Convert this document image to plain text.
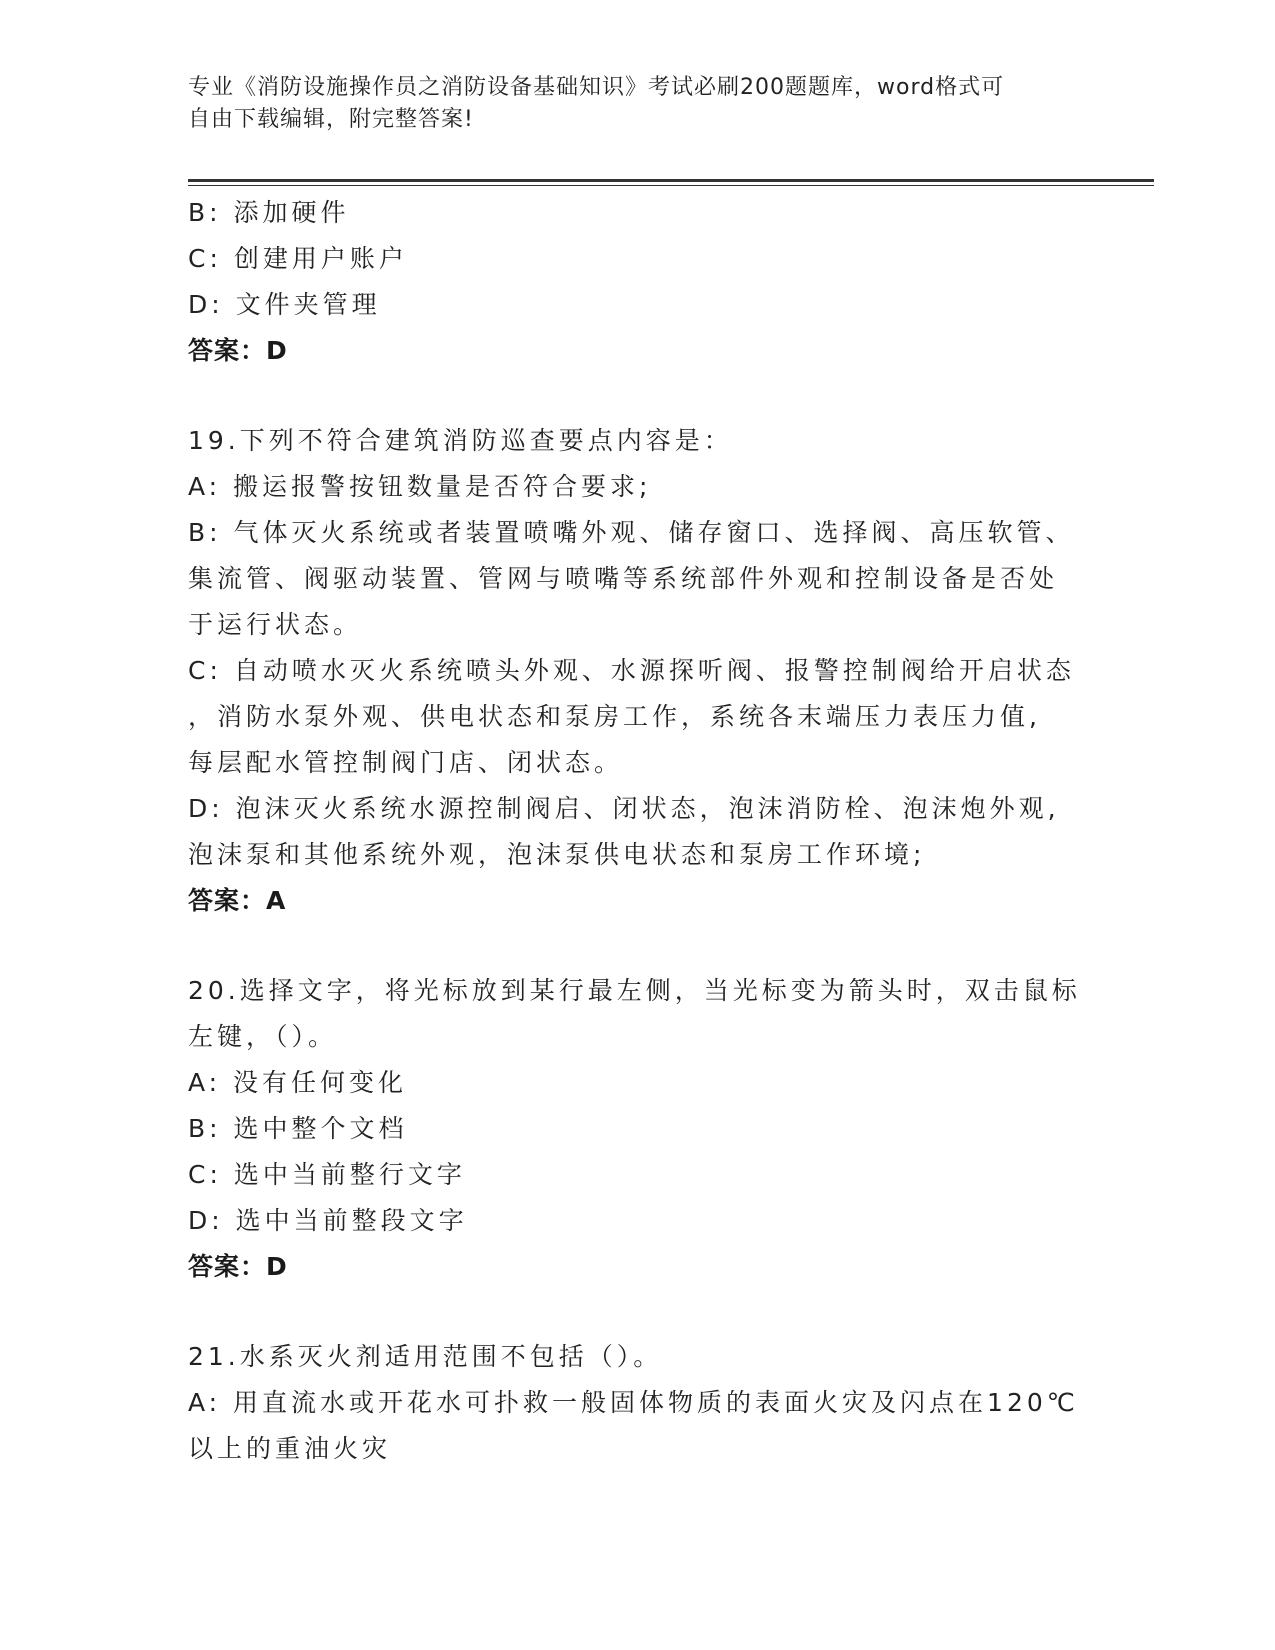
专业《消防设施操作员之消防设备基础知识》考试必刷200题题库，word格式可
自由下载编辑，附完整答案!
B: 添加硬件
C: 创建用户账户
D: 文件夹管理
答案：D
19.下列不符合建筑消防巡查要点内容是：
A: 搬运报警按钮数量是否符合要求;
B: 气体灭火系统或者装置喷嘴外观、储存窗口、选择阀、高压软管、
集流管、阀驱动装置、管网与喷嘴等系统部件外观和控制设备是否处
于运行状态。
C: 自动喷水灭火系统喷头外观、水源探听阀、报警控制阀给开启状态
，消防水泵外观、供电状态和泵房工作，系统各末端压力表压力值,
每层配水管控制阀门店、闭状态。
D: 泡沫灭火系统水源控制阀启、闭状态，泡沫消防栓、泡沫炮外观,
泡沫泵和其他系统外观，泡沫泵供电状态和泵房工作环境;
答案：A
20.选择文字，将光标放到某行最左侧，当光标变为箭头时，双击鼠标
左键，（）。
A: 没有任何变化
B: 选中整个文档
C: 选中当前整行文字
D: 选中当前整段文字
答案：D
21.水系灭火剂适用范围不包括（）。
A: 用直流水或开花水可扑救一般固体物质的表面火灾及闪点在120℃
以上的重油火灾
